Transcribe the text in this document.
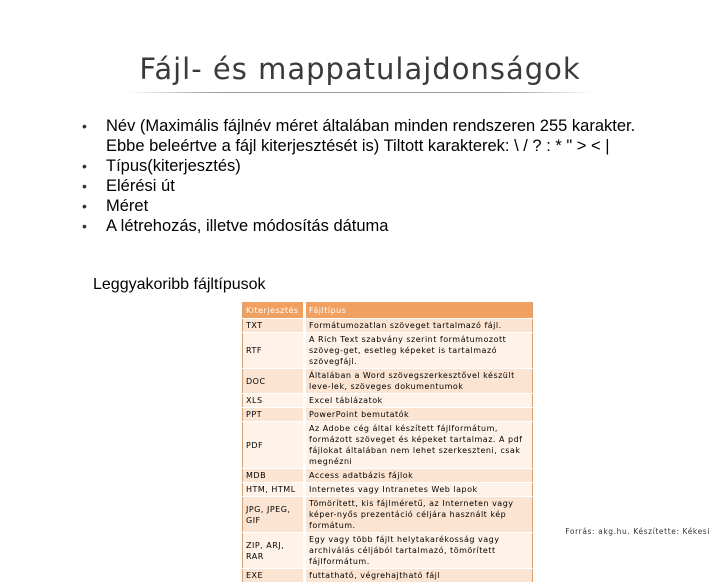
Fájl- és mappatulajdonságok
• Név (Maximális fájlnév méret általában minden rendszeren 255 karakter. Ebbe beleértve a fájl kiterjesztését is) Tiltott karakterek: \ / ? : * " > < |
• Típus(kiterjesztés)
• Elérési út
• Méret
• A létrehozás, illetve módosítás dátuma
Leggyakoribb fájltípusok
Kiterjesztés	Fájltípus
TXT	Formátumozatlan szöveget tartalmazó fájl.
RTF	A Rich Text szabvány szerint formátumozott szöveg-get, esetleg képeket is tartalmazó szövegfájl.
DOC	Általában a Word szövegszerkesztővel készült leve-lek, szöveges dokumentumok
XLS	Excel táblázatok
PPT	PowerPoint bemutatók
PDF	Az Adobe cég által készített fájlformátum, formázott szöveget és képeket tartalmaz. A pdf fájlokat általában nem lehet szerkeszteni, csak megnézni
MDB	Access adatbázis fájlok
HTM, HTML	Internetes vagy Intranetes Web lapok
JPG, JPEG, GIF	Tömörített, kis fájlméretű, az Interneten vagy képer-nyős prezentáció céljára használt kép formátum.
ZIP, ARJ, RAR	Egy vagy több fájlt helytakarékosság vagy archiválás céljából tartalmazó, tömörített fájlformátum.
EXE	futtatható, végrehajtható fájl
Forrás: akg.hu. Készítette: Kékesi
